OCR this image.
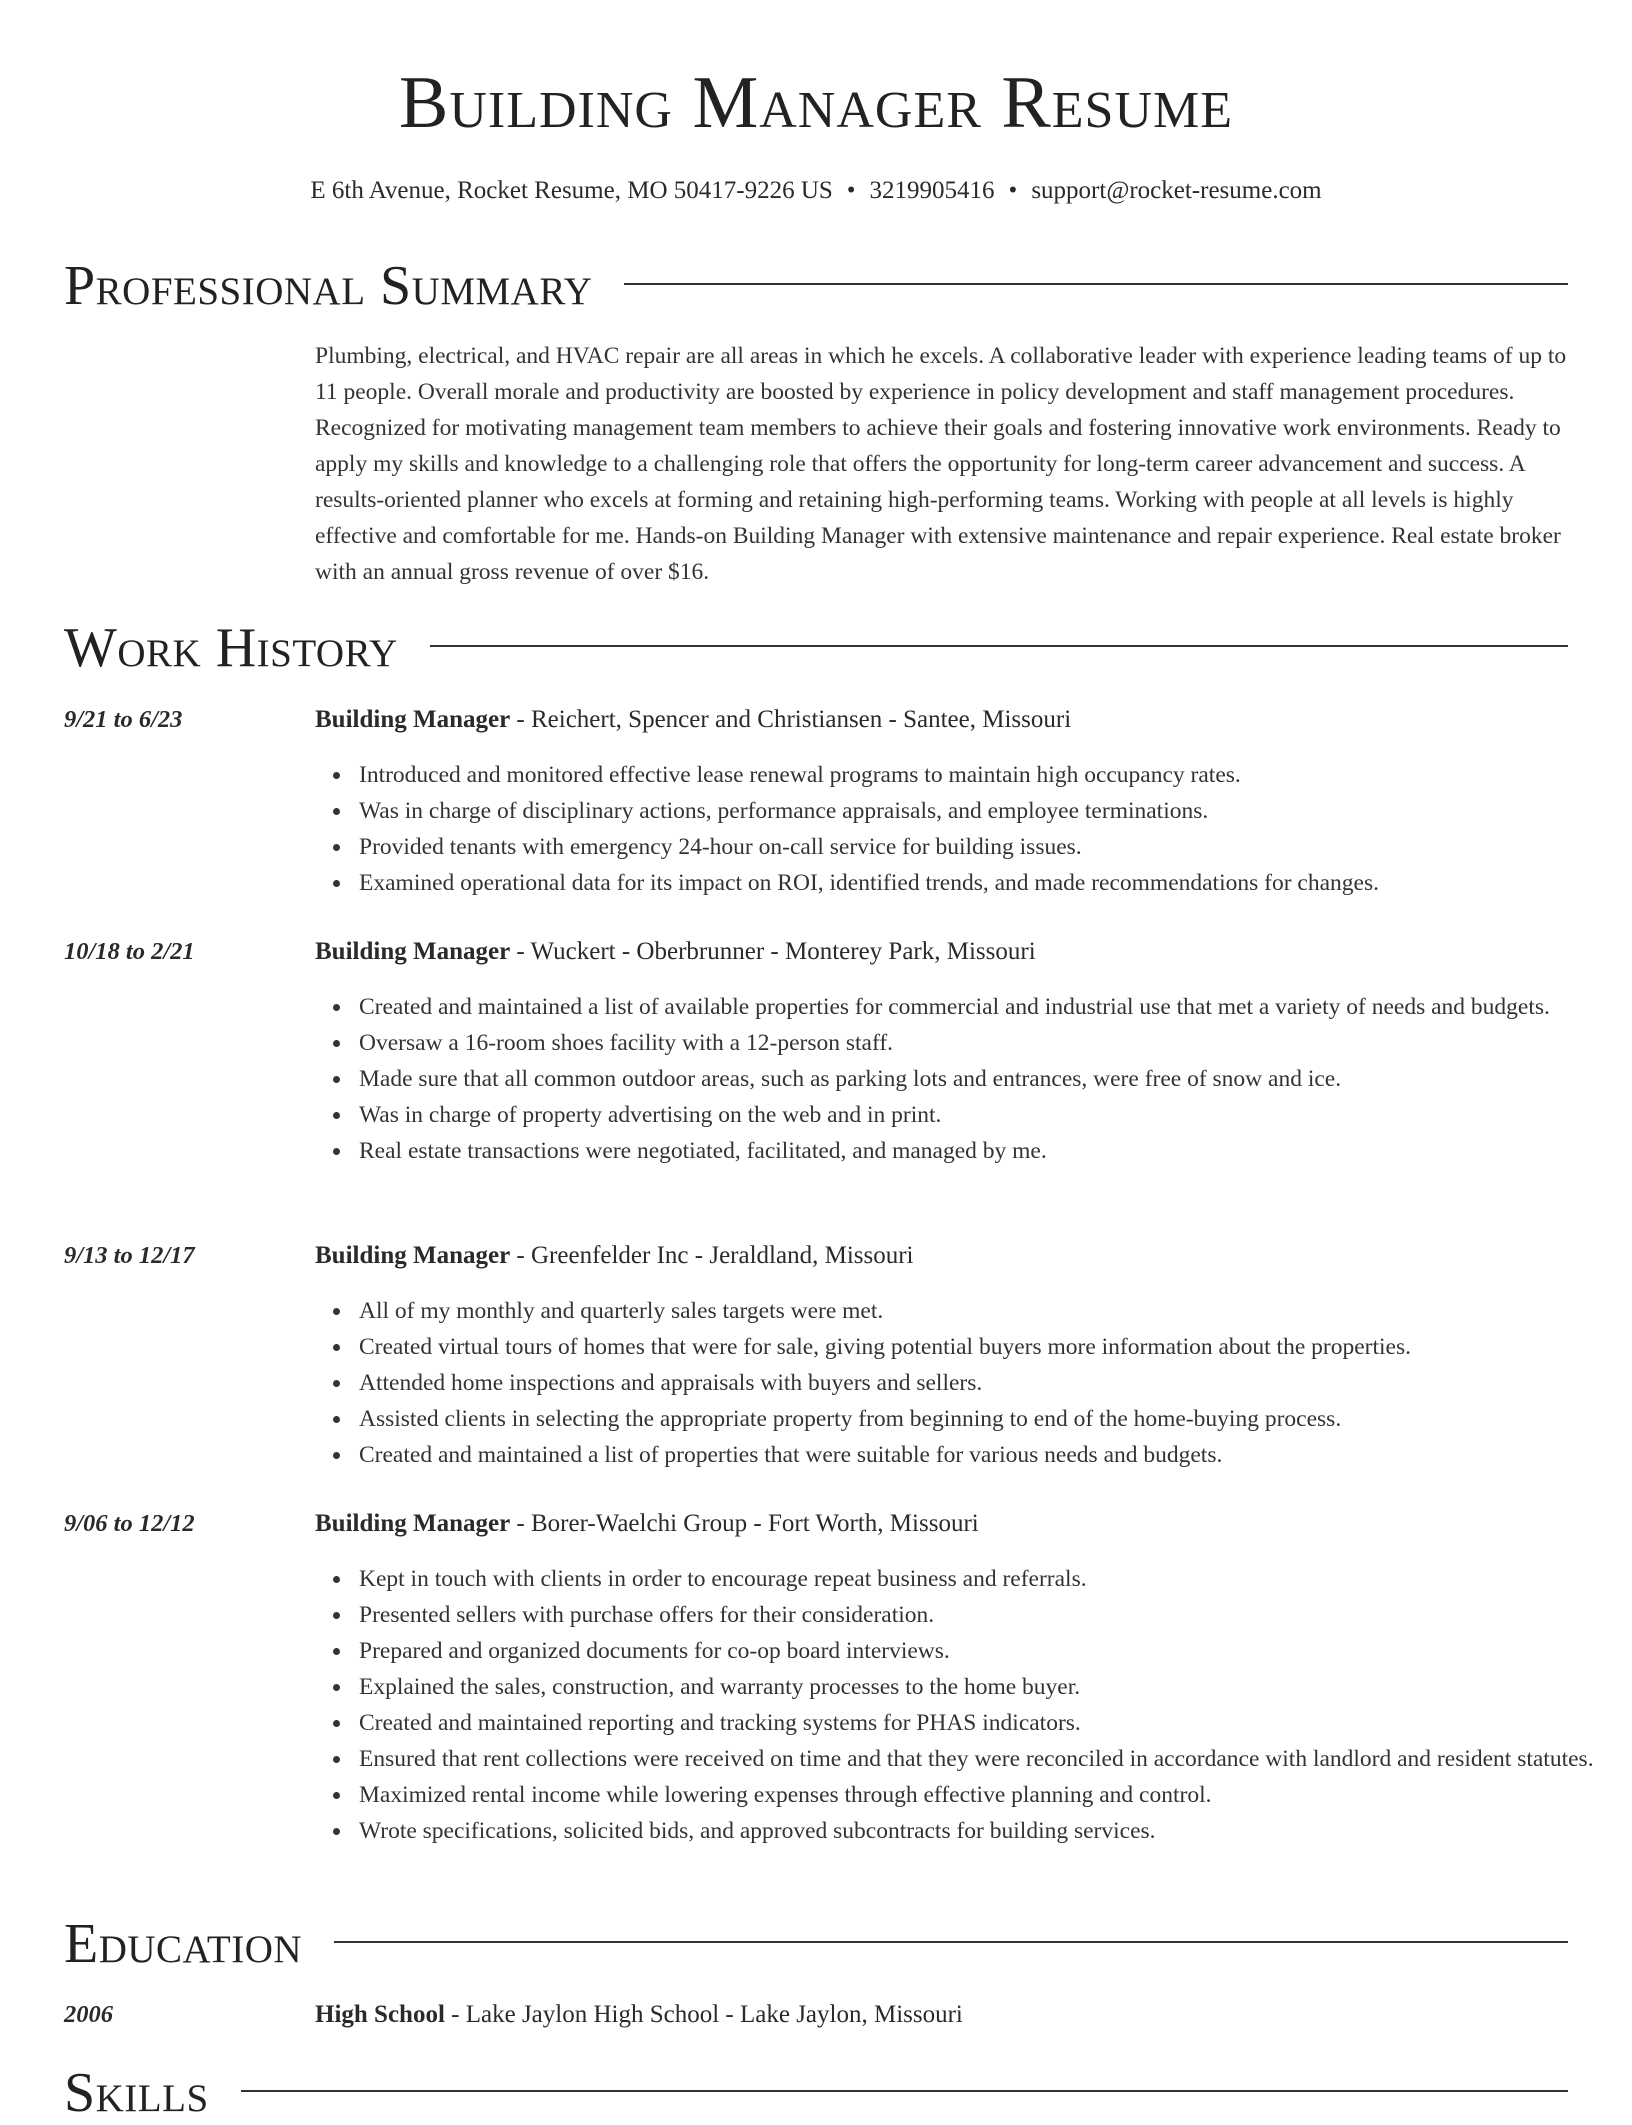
Building Manager Resume
E 6th Avenue, Rocket Resume, MO 50417-9226 US • 3219905416 • support@rocket-resume.com
Professional Summary

Plumbing, electrical, and HVAC repair are all areas in which he excels. A collaborative leader with experience leading teams of up to 11 people. Overall morale and productivity are boosted by experience in policy development and staff management procedures. Recognized for motivating management team members to achieve their goals and fostering innovative work environments. Ready to apply my skills and knowledge to a challenging role that offers the opportunity for long-term career advancement and success. A results-oriented planner who excels at forming and retaining high-performing teams. Working with people at all levels is highly effective and comfortable for me. Hands-on Building Manager with extensive maintenance and repair experience. Real estate broker with an annual gross revenue of over $16.

Work History
9/21 to 6/23	Building Manager - Reichert, Spencer and Christiansen - Santee, Missouri
Introduced and monitored effective lease renewal programs to maintain high occupancy rates.
Was in charge of disciplinary actions, performance appraisals, and employee terminations.
Provided tenants with emergency 24-hour on-call service for building issues.
Examined operational data for its impact on ROI, identified trends, and made recommendations for changes.
10/18 to 2/21	Building Manager - Wuckert - Oberbrunner - Monterey Park, Missouri
Created and maintained a list of available properties for commercial and industrial use that met a variety of needs and budgets.
Oversaw a 16-room shoes facility with a 12-person staff.
Made sure that all common outdoor areas, such as parking lots and entrances, were free of snow and ice.
Was in charge of property advertising on the web and in print.
Real estate transactions were negotiated, facilitated, and managed by me.
9/13 to 12/17	Building Manager - Greenfelder Inc - Jeraldland, Missouri
All of my monthly and quarterly sales targets were met.
Created virtual tours of homes that were for sale, giving potential buyers more information about the properties.
Attended home inspections and appraisals with buyers and sellers.
Assisted clients in selecting the appropriate property from beginning to end of the home-buying process.
Created and maintained a list of properties that were suitable for various needs and budgets.
9/06 to 12/12	Building Manager - Borer-Waelchi Group - Fort Worth, Missouri
Kept in touch with clients in order to encourage repeat business and referrals.
Presented sellers with purchase offers for their consideration.
Prepared and organized documents for co-op board interviews.
Explained the sales, construction, and warranty processes to the home buyer.
Created and maintained reporting and tracking systems for PHAS indicators.
Ensured that rent collections were received on time and that they were reconciled in accordance with landlord and resident statutes.
Maximized rental income while lowering expenses through effective planning and control.
Wrote specifications, solicited bids, and approved subcontracts for building services.
Education
2006	High School - Lake Jaylon High School - Lake Jaylon, Missouri
Skills
